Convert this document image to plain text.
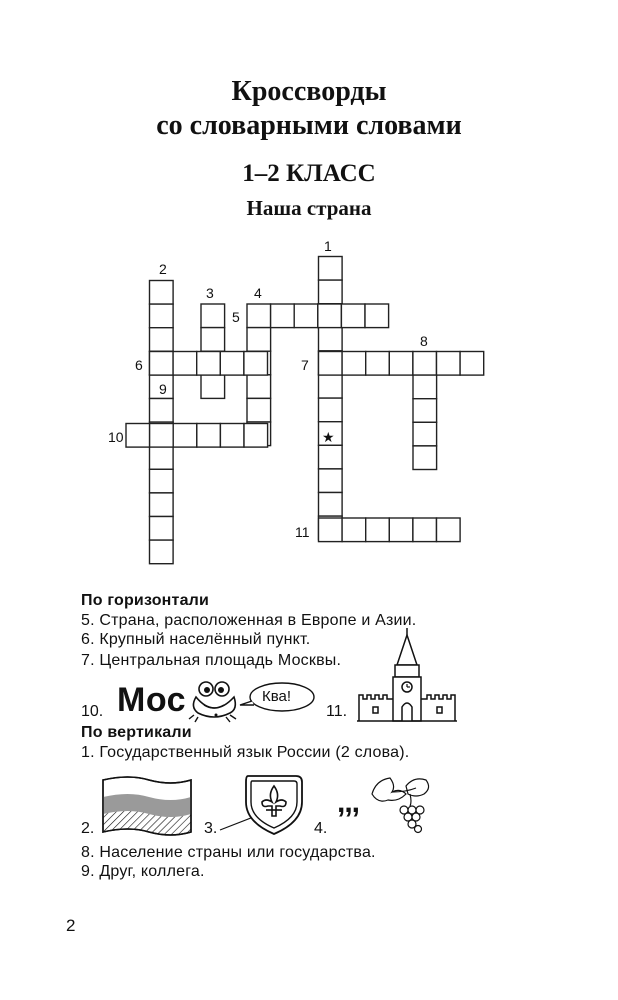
Кроссворды
со словарными словами
1–2 КЛАСС
Наша страна
1
2
3	4
5
8
6	7
9
10
11
★
По горизонтали
5. Страна, расположенная в Европе и Азии.
6. Крупный населённый пункт.
7. Центральная площадь Москвы.
10. Мос	Ква!
11.
По вертикали
1. Государственный язык России (2 слова).
2.	3.	4.
,,,
8. Население страны или государства.
9. Друг, коллега.
2
